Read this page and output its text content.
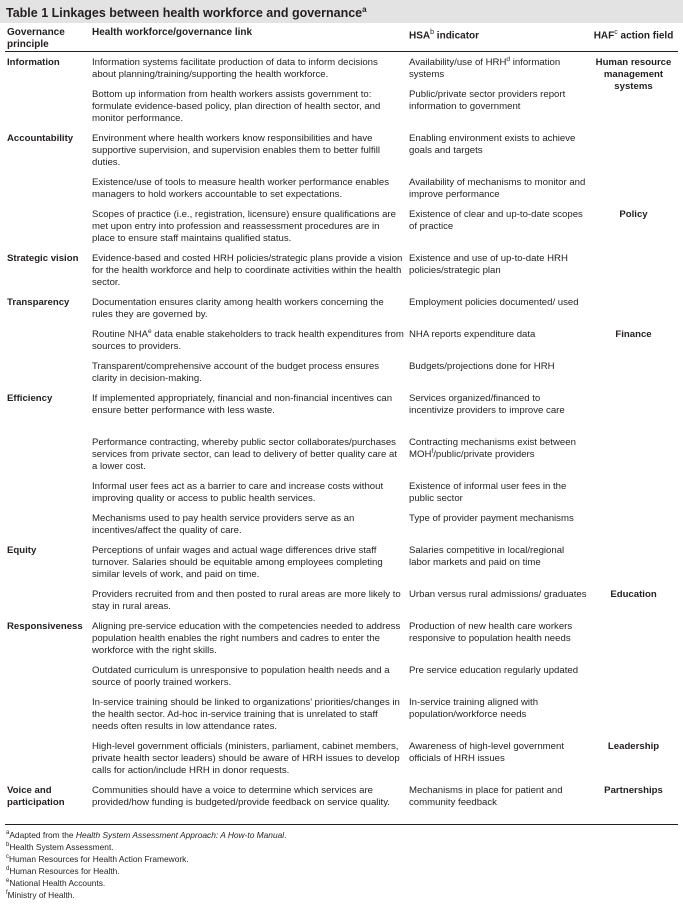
Table 1 Linkages between health workforce and governance$^a$
Governance principle
Health workforce/governance link	HSA$^b$ indicator	HAF$^c$ action field
Information
Accountability
Strategic vision
Transparency
Efficiency
Equity
Responsiveness
Voice and participation
Information systems facilitate production of data to inform decisions about planning/training/supporting the health workforce.
Bottom up information from health workers assists government to: formulate evidence-based policy, plan direction of health sector, and monitor performance.
Environment where health workers know responsibilities and have supportive supervision, and supervision enables them to better fulfill duties.
Existence/use of tools to measure health worker performance enables managers to hold workers accountable to set expectations.
Scopes of practice (i.e., registration, licensure) ensure qualifications are met upon entry into profession and reassessment procedures are in place to ensure staff maintains qualified status.
Evidence-based and costed HRH policies/strategic plans provide a vision for the health workforce and help to coordinate activities within the health sector.
Documentation ensures clarity among health workers concerning the rules they are governed by.
Routine NHA$^e$ data enable stakeholders to track health expenditures from sources to providers.
Transparent/comprehensive account of the budget process ensures clarity in decision-making.
If implemented appropriately, financial and non-financial incentives can ensure better performance with less waste.
Performance contracting, whereby public sector collaborates/purchases services from private sector, can lead to delivery of better quality care at a lower cost.
Informal user fees act as a barrier to care and increase costs without improving quality or access to public health services.
Mechanisms used to pay health service providers serve as an incentives/affect the quality of care.
Perceptions of unfair wages and actual wage differences drive staff turnover. Salaries should be equitable among employees completing similar levels of work, and paid on time.
Providers recruited from and then posted to rural areas are more likely to stay in rural areas.
Aligning pre-service education with the competencies needed to address population health enables the right numbers and cadres to enter the workforce with the right skills.
Outdated curriculum is unresponsive to population health needs and a source of poorly trained workers.
In-service training should be linked to organizations’ priorities/changes in the health sector. Ad-hoc in-service training that is unrelated to staff needs often results in low attendance rates.
High-level government officials (ministers, parliament, cabinet members, private health sector leaders) should be aware of HRH issues to develop calls for action/include HRH in donor requests.
Communities should have a voice to determine which services are provided/how funding is budgeted/provide feedback on service quality.
Availability/use of HRH$^d$ information systems
Public/private sector providers report information to government
Enabling environment exists to achieve goals and targets
Availability of mechanisms to monitor and improve performance
Existence of clear and up-to-date scopes of practice
Existence and use of up-to-date HRH policies/strategic plan
Employment policies documented/ used
NHA reports expenditure data
Budgets/projections done for HRH
Services organized/financed to incentivize providers to improve care
Contracting mechanisms exist between MOH$^f$/public/private providers
Existence of informal user fees in the public sector
Type of provider payment mechanisms
Salaries competitive in local/regional labor markets and paid on time
Urban versus rural admissions/ graduates
Production of new health care workers responsive to population health needs
Pre service education regularly updated
In-service training aligned with population/workforce needs
Awareness of high-level government officials of HRH issues
Mechanisms in place for patient and community feedback
Human resource management systems
Policy
Finance
Education
Leadership
Partnerships
$^a$Adapted from the Health System Assessment Approach: A How-to Manual.
$^b$Health System Assessment.
$^c$Human Resources for Health Action Framework.
$^d$Human Resources for Health.
$^e$National Health Accounts.
$^f$Ministry of Health.
